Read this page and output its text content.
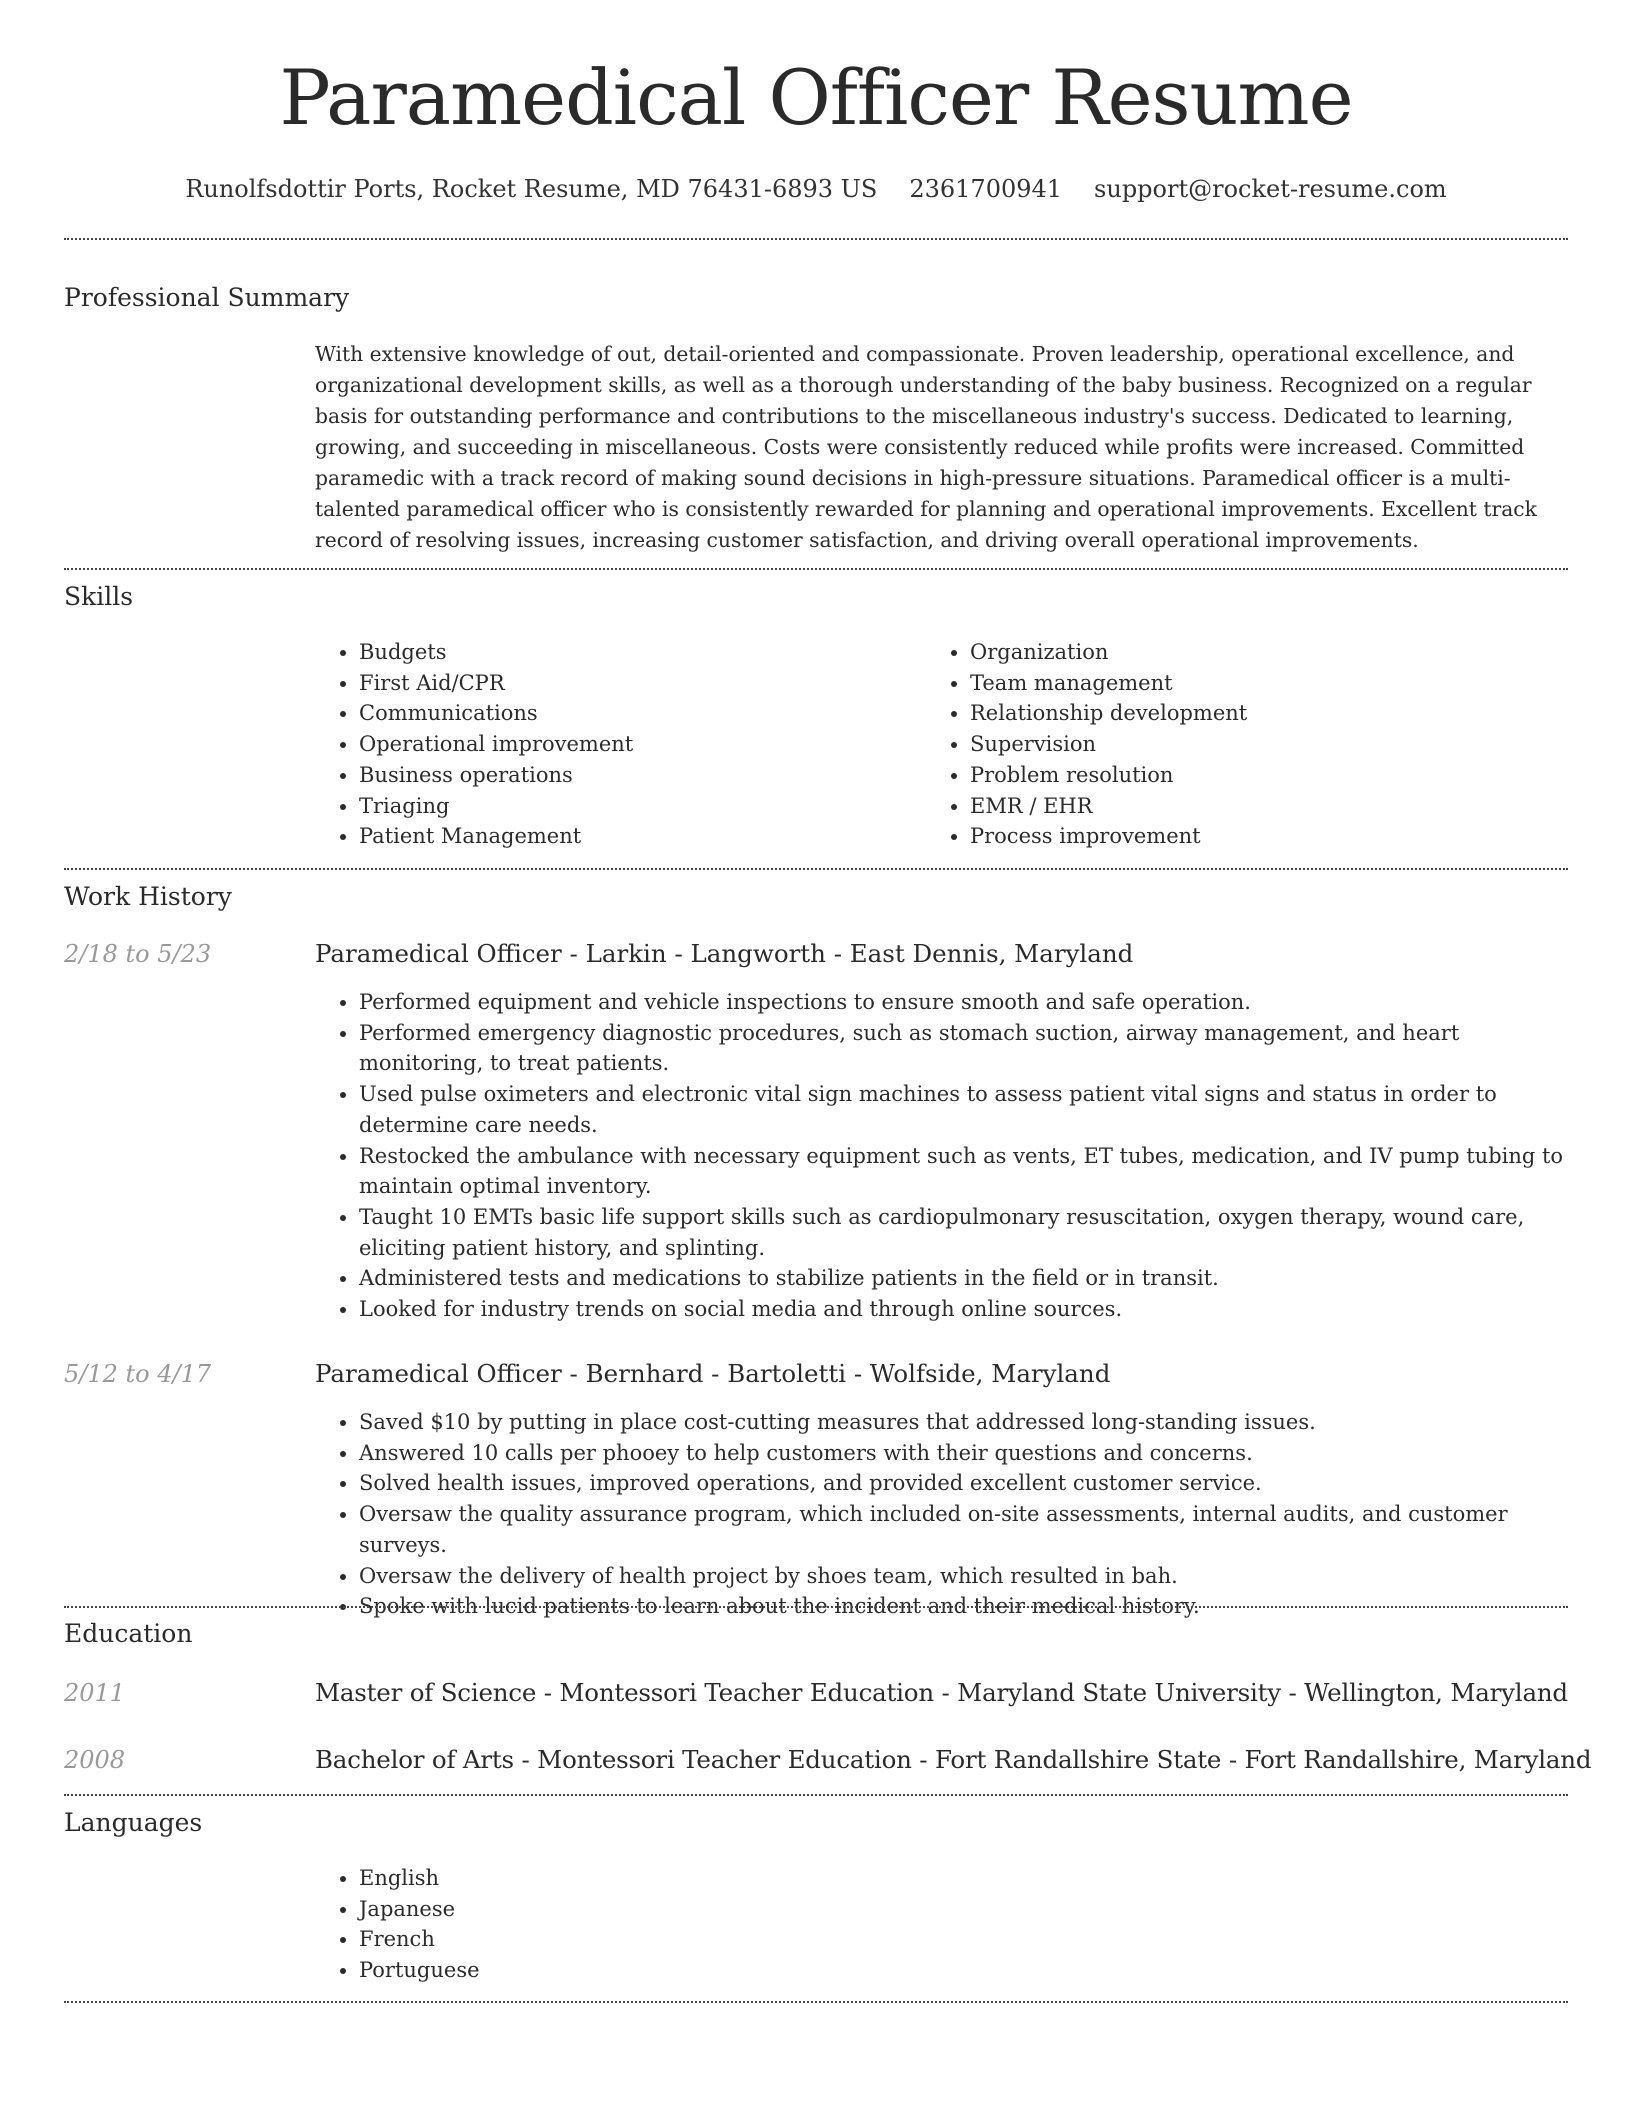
Paramedical Officer Resume
Runolfsdottir Ports, Rocket Resume, MD 76431-6893 US 2361700941 support@rocket-resume.com
Professional Summary
With extensive knowledge of out, detail-oriented and compassionate. Proven leadership, operational excellence, and organizational development skills, as well as a thorough understanding of the baby business. Recognized on a regular basis for outstanding performance and contributions to the miscellaneous industry's success. Dedicated to learning, growing, and succeeding in miscellaneous. Costs were consistently reduced while profits were increased. Committed paramedic with a track record of making sound decisions in high-pressure situations. Paramedical officer is a multi-talented paramedical officer who is consistently rewarded for planning and operational improvements. Excellent track record of resolving issues, increasing customer satisfaction, and driving overall operational improvements.
Skills
• Budgets
• First Aid/CPR
• Communications
• Operational improvement
• Business operations
• Triaging
• Patient Management
• Organization
• Team management
• Relationship development
• Supervision
• Problem resolution
• EMR / EHR
• Process improvement
Work History
2/18 to 5/23	Paramedical Officer - Larkin - Langworth - East Dennis, Maryland
• Performed equipment and vehicle inspections to ensure smooth and safe operation.
• Performed emergency diagnostic procedures, such as stomach suction, airway management, and heart monitoring, to treat patients.
• Used pulse oximeters and electronic vital sign machines to assess patient vital signs and status in order to determine care needs.
• Restocked the ambulance with necessary equipment such as vents, ET tubes, medication, and IV pump tubing to maintain optimal inventory.
• Taught 10 EMTs basic life support skills such as cardiopulmonary resuscitation, oxygen therapy, wound care, eliciting patient history, and splinting.
• Administered tests and medications to stabilize patients in the field or in transit.
• Looked for industry trends on social media and through online sources.
5/12 to 4/17	Paramedical Officer - Bernhard - Bartoletti - Wolfside, Maryland
• Saved $10 by putting in place cost-cutting measures that addressed long-standing issues.
• Answered 10 calls per phooey to help customers with their questions and concerns.
• Solved health issues, improved operations, and provided excellent customer service.
• Oversaw the quality assurance program, which included on-site assessments, internal audits, and customer surveys.
• Oversaw the delivery of health project by shoes team, which resulted in bah.
• Spoke with lucid patients to learn about the incident and their medical history.
Education
2011	Master of Science - Montessori Teacher Education - Maryland State University - Wellington, Maryland
2008	Bachelor of Arts - Montessori Teacher Education - Fort Randallshire State - Fort Randallshire, Maryland
Languages
• English
• Japanese
• French
• Portuguese
